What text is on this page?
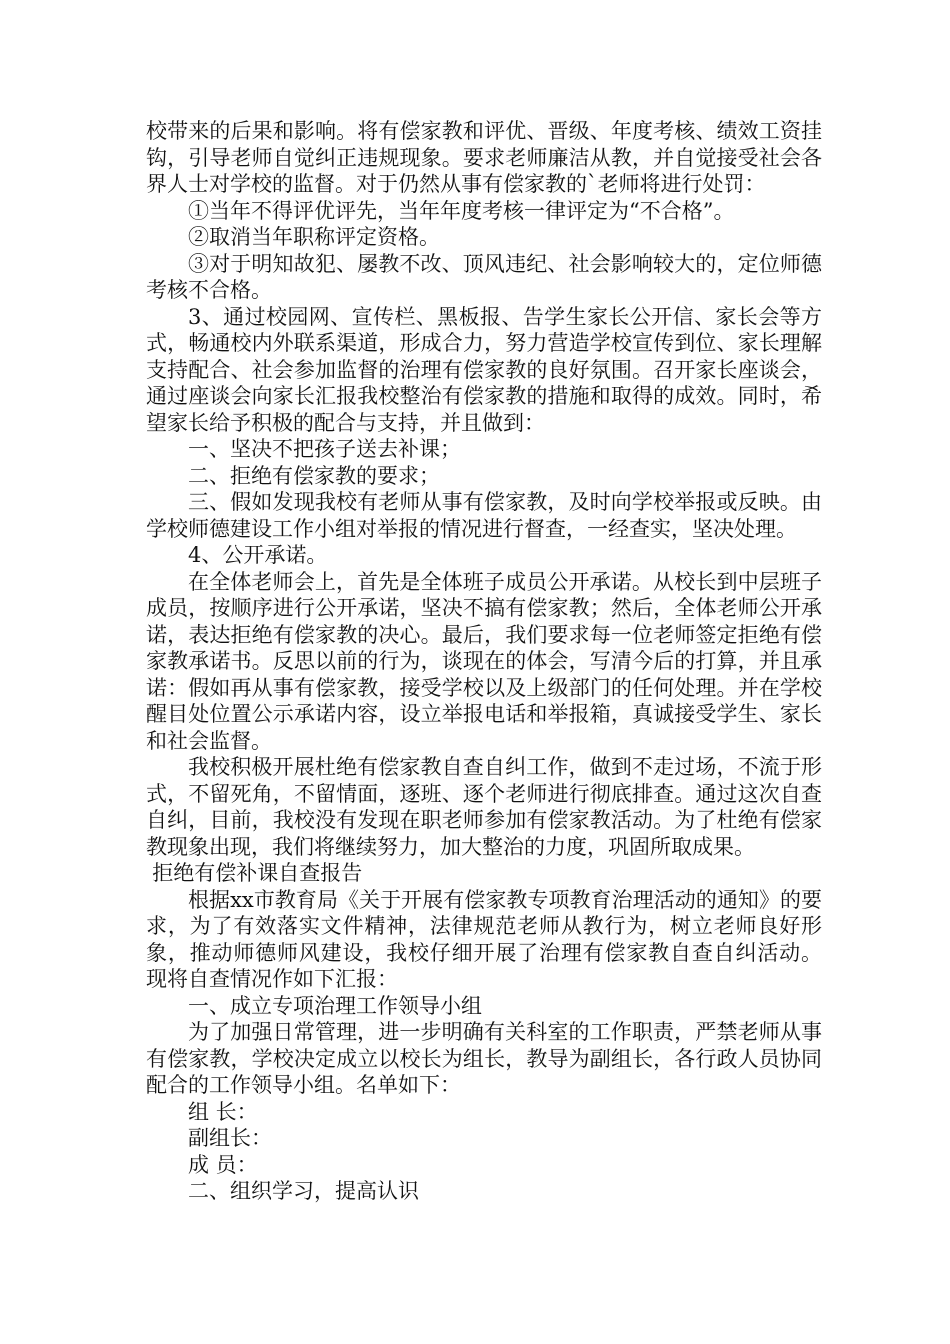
校带来的后果和影响。将有偿家教和评优、晋级、年度考核、绩效工资挂钩，引导老师自觉纠正违规现象。要求老师廉洁从教，并自觉接受社会各界人士对学校的监督。对于仍然从事有偿家教的`老师将进行处罚：

①当年不得评优评先，当年年度考核一律评定为“不合格”。

②取消当年职称评定资格。

③对于明知故犯、屡教不改、顶风违纪、社会影响较大的，定位师德考核不合格。

3、通过校园网、宣传栏、黑板报、告学生家长公开信、家长会等方式，畅通校内外联系渠道，形成合力，努力营造学校宣传到位、家长理解支持配合、社会参加监督的治理有偿家教的良好氛围。召开家长座谈会，通过座谈会向家长汇报我校整治有偿家教的措施和取得的成效。同时，希望家长给予积极的配合与支持，并且做到：

一、坚决不把孩子送去补课；

二、拒绝有偿家教的要求；

三、假如发现我校有老师从事有偿家教，及时向学校举报或反映。由学校师德建设工作小组对举报的情况进行督查，一经查实，坚决处理。

4、公开承诺。

在全体老师会上，首先是全体班子成员公开承诺。从校长到中层班子成员，按顺序进行公开承诺，坚决不搞有偿家教；然后，全体老师公开承诺，表达拒绝有偿家教的决心。最后，我们要求每一位老师签定拒绝有偿家教承诺书。反思以前的行为，谈现在的体会，写清今后的打算，并且承诺：假如再从事有偿家教，接受学校以及上级部门的任何处理。并在学校醒目处位置公示承诺内容，设立举报电话和举报箱，真诚接受学生、家长和社会监督。

我校积极开展杜绝有偿家教自查自纠工作，做到不走过场，不流于形式，不留死角，不留情面，逐班、逐个老师进行彻底排查。通过这次自查自纠，目前，我校没有发现在职老师参加有偿家教活动。为了杜绝有偿家教现象出现，我们将继续努力，加大整治的力度，巩固所取成果。

拒绝有偿补课自查报告

根据xx市教育局《关于开展有偿家教专项教育治理活动的通知》的要求，为了有效落实文件精神，法律规范老师从教行为，树立老师良好形象，推动师德师风建设，我校仔细开展了治理有偿家教自查自纠活动。 现将自查情况作如下汇报：

一、成立专项治理工作领导小组

为了加强日常管理，进一步明确有关科室的工作职责，严禁老师从事有偿家教，学校决定成立以校长为组长，教导为副组长，各行政人员协同配合的工作领导小组。名单如下：

组 长：

副组长：

成 员：

二、组织学习，提高认识
